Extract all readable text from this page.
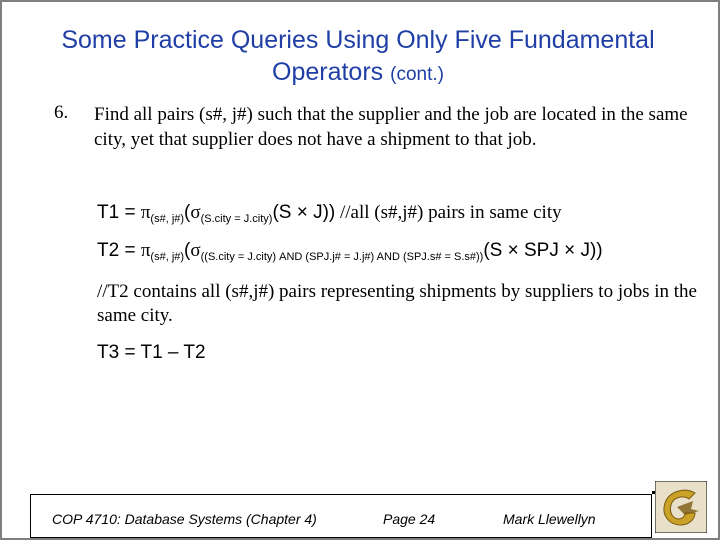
Some Practice Queries Using Only Five Fundamental Operators (cont.)
6. Find all pairs (s#, j#) such that the supplier and the job are located in the same city, yet that supplier does not have a shipment to that job.
$T1 = \pi_{(s\#, j\#)}(\sigma_{(S.city = J.city)}(S \times J))$ //all (s#,j#) pairs in same city
$T2 = \pi_{(s\#, j\#)}(\sigma_{((S.city = J.city) AND (SPJ.j\# = J.j\#) AND (SPJ.s\# = S.s\#))}(S$ × SPJ × J))
//T2 contains all (s#,j#) pairs representing shipments by suppliers to jobs in the same city.
T3 = T1 – T2
COP 4710: Database Systems (Chapter 4)	Page 24	Mark Llewellyn
